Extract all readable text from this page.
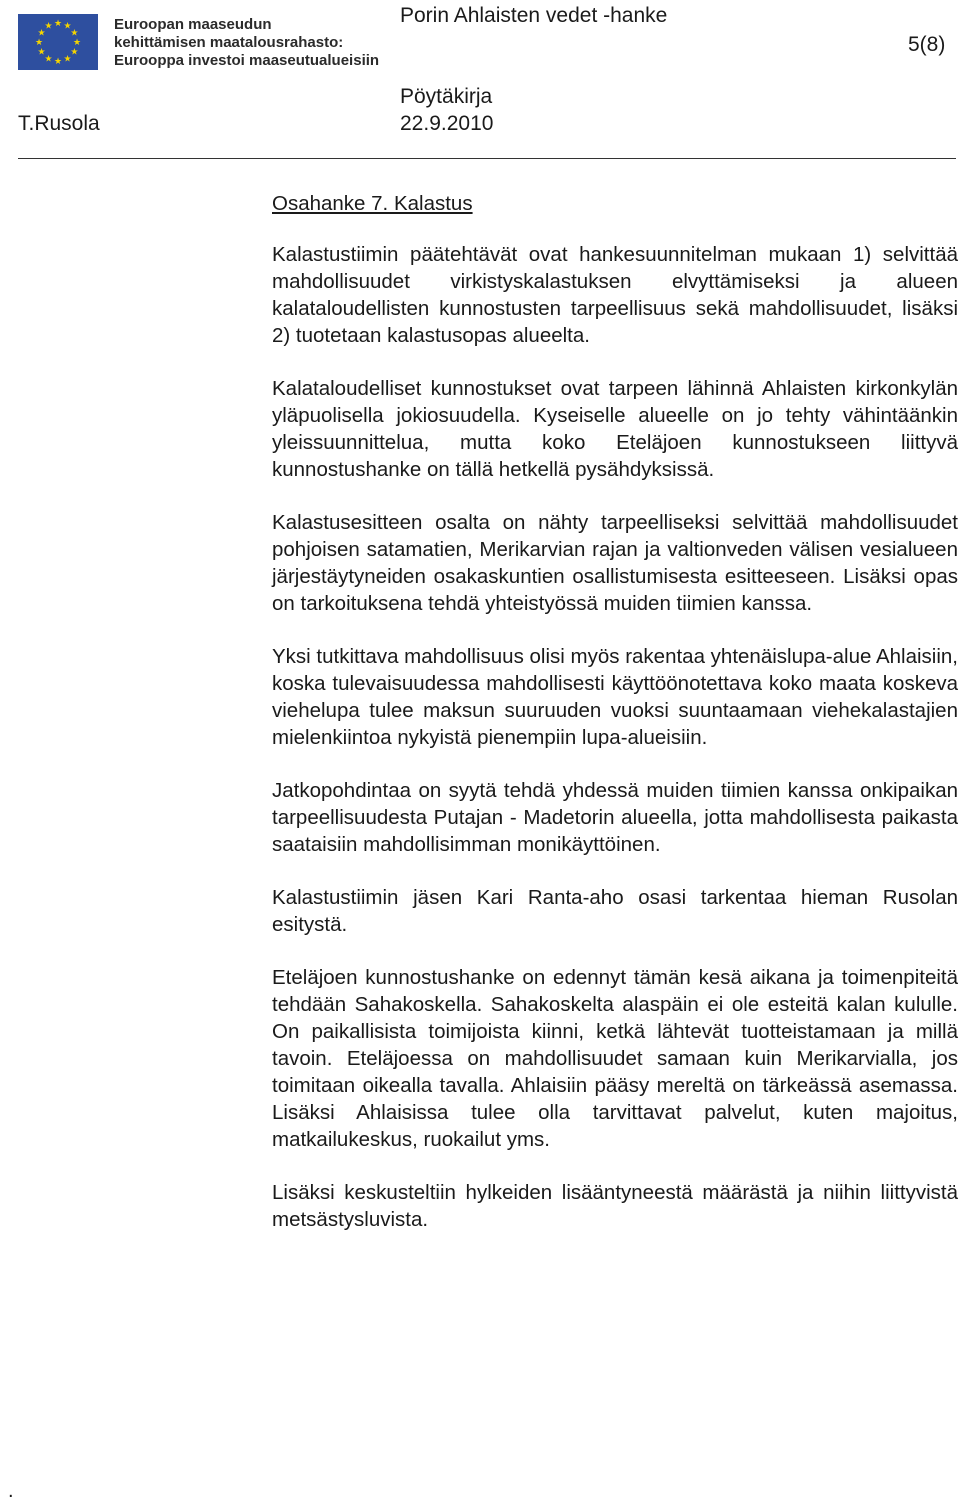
★ ★
★
★
★
★
★
★
★
★
★
★	Euroopan maaseudun
kehittämisen maatalousrahasto:
Eurooppa investoi maaseutualueisiin
Porin Ahlaisten vedet -hanke
5(8)
Pöytäkirja
T.Rusola	22.9.2010
Osahanke 7. Kalastus

Kalastustiimin päätehtävät ovat hankesuunnitelman mukaan 1) selvittää mahdollisuudet virkistyskalastuksen elvyttämiseksi ja alueen kalataloudellisten kunnostusten tarpeellisuus sekä mahdollisuudet, lisäksi 2) tuotetaan kalastusopas alueelta.

Kalataloudelliset kunnostukset ovat tarpeen lähinnä Ahlaisten kirkonkylän yläpuolisella jokiosuudella. Kyseiselle alueelle on jo tehty vähintäänkin yleissuunnittelua, mutta koko Eteläjoen kunnostukseen liittyvä kunnostushanke on tällä hetkellä pysähdyksissä.

Kalastusesitteen osalta on nähty tarpeelliseksi selvittää mahdollisuudet pohjoisen satamatien, Merikarvian rajan ja valtionveden välisen vesialueen järjestäytyneiden osakaskuntien osallistumisesta esitteeseen. Lisäksi opas on tarkoituksena tehdä yhteistyössä muiden tiimien kanssa.

Yksi tutkittava mahdollisuus olisi myös rakentaa yhtenäislupa-alue Ahlaisiin, koska tulevaisuudessa mahdollisesti käyttöönotettava koko maata koskeva viehelupa tulee maksun suuruuden vuoksi suuntaamaan viehekalastajien mielenkiintoa nykyistä pienempiin lupa-alueisiin.

Jatkopohdintaa on syytä tehdä yhdessä muiden tiimien kanssa onkipaikan tarpeellisuudesta Putajan - Madetorin alueella, jotta mahdollisesta paikasta saataisiin mahdollisimman monikäyttöinen.

Kalastustiimin jäsen Kari Ranta-aho osasi tarkentaa hieman Rusolan esitystä.

Eteläjoen kunnostushanke on edennyt tämän kesä aikana ja toimenpiteitä tehdään Sahakoskella. Sahakoskelta alaspäin ei ole esteitä kalan kululle. On paikallisista toimijoista kiinni, ketkä lähtevät tuotteistamaan ja millä tavoin. Eteläjoessa on mahdollisuudet samaan kuin Merikarvialla, jos toimitaan oikealla tavalla. Ahlaisiin pääsy mereltä on tärkeässä asemassa. Lisäksi Ahlaisissa tulee olla tarvittavat palvelut, kuten majoitus, matkailukeskus, ruokailut yms.

Lisäksi keskusteltiin hylkeiden lisääntyneestä määrästä ja niihin liittyvistä metsästysluvista.

.
